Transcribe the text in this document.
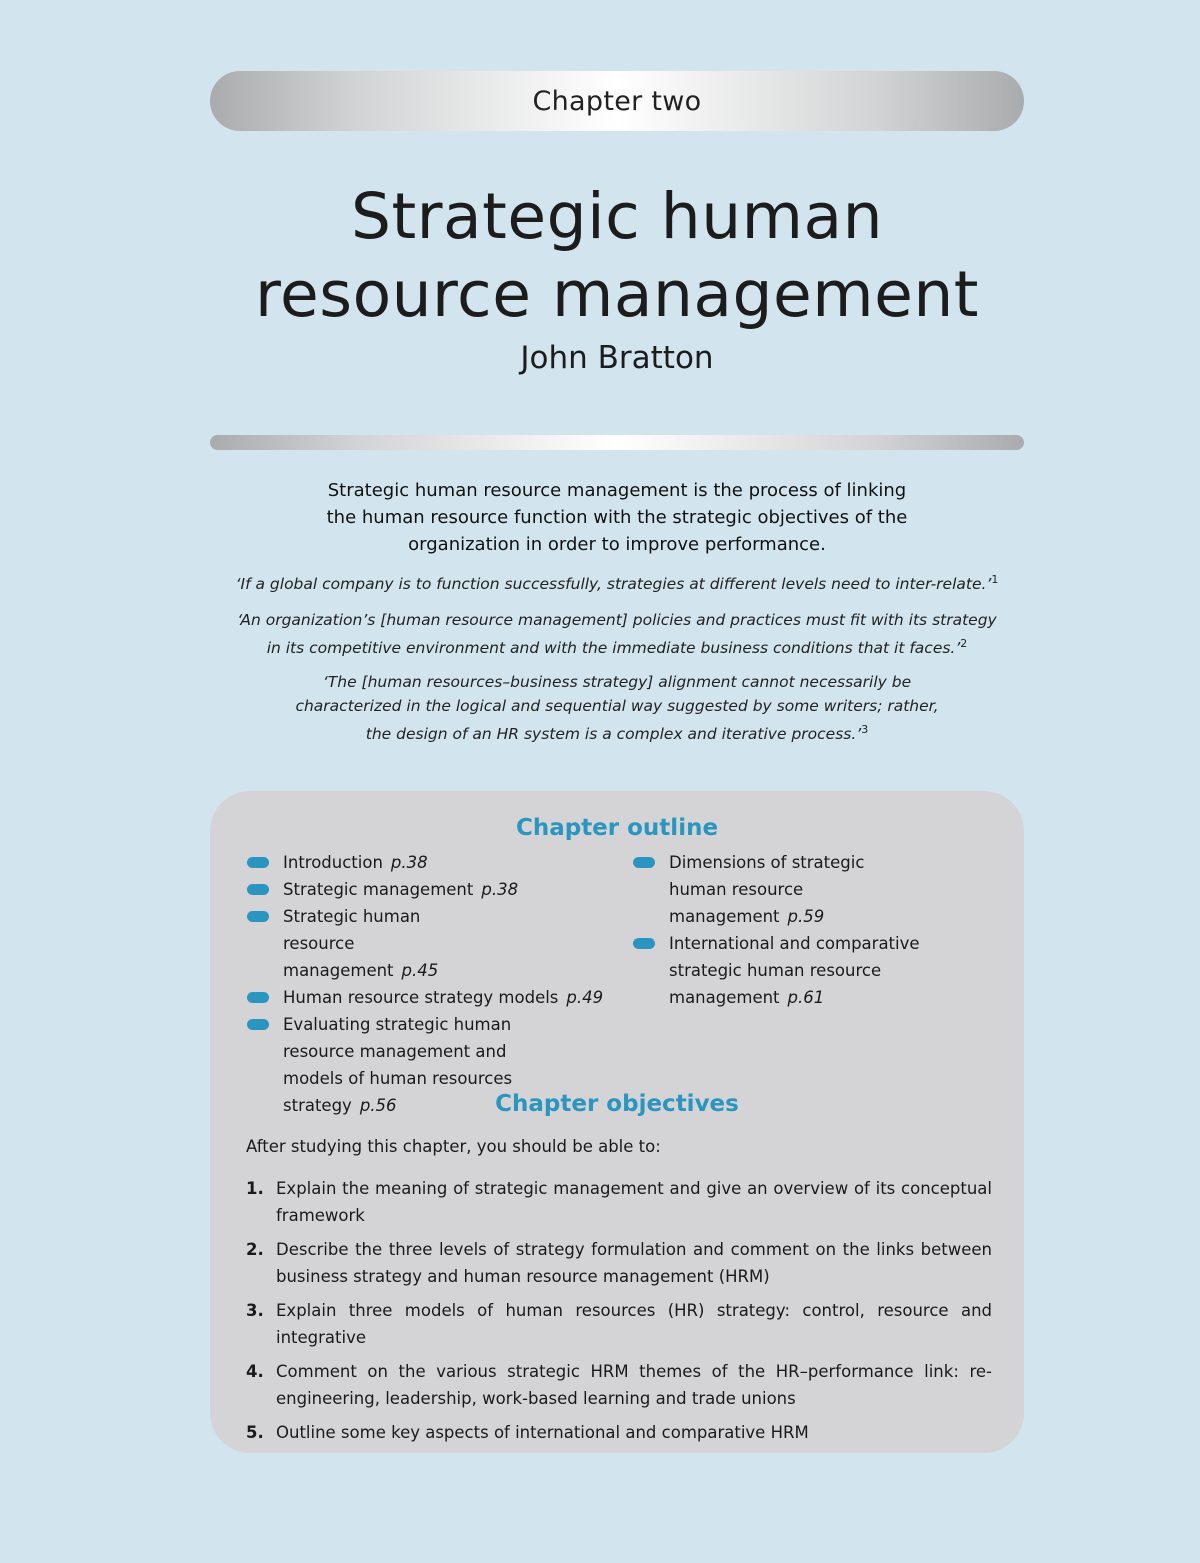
Chapter two
Strategic human
resource management
John Bratton
Strategic human resource management is the process of linking
the human resource function with the strategic objectives of the
organization in order to improve performance.
‘If a global company is to function successfully, strategies at different levels need to inter-relate.’$^1$
‘An organization’s [human resource management] policies and practices must fit with its strategy
in its competitive environment and with the immediate business conditions that it faces.’$^2$
‘The [human resources–business strategy] alignment cannot necessarily be
characterized in the logical and sequential way suggested by some writers; rather,
the design of an HR system is a complex and iterative process.’$^3$
Chapter outline
Introduction p.38
Strategic management p.38
Strategic human resource management p.45
Human resource strategy models p.49
Evaluating strategic human resource management and models of human resources strategy p.56
Dimensions of strategic human resource management p.59
International and comparative strategic human resource management p.61
Chapter objectives
After studying this chapter, you should be able to:
1. Explain the meaning of strategic management and give an overview of its conceptual framework
2. Describe the three levels of strategy formulation and comment on the links between business strategy and human resource management (HRM)
3. Explain three models of human resources (HR) strategy: control, resource and integrative
4. Comment on the various strategic HRM themes of the HR–performance link: re-engineering, leadership, work-based learning and trade unions
5. Outline some key aspects of international and comparative HRM
